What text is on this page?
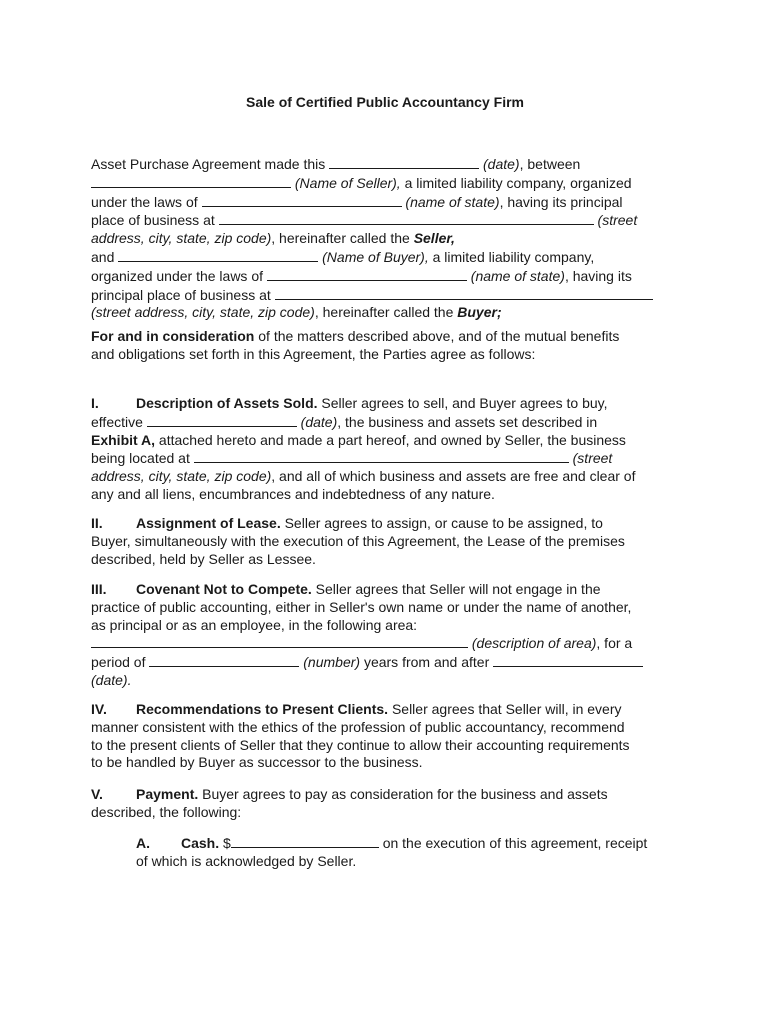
Sale of Certified Public Accountancy Firm
Asset Purchase Agreement made this	(date), between
(Name of Seller), a limited liability company, organized
under the laws of	(name of state), having its principal
place of business at	(street
address, city, state, zip code), hereinafter called the Seller,
and	(Name of Buyer), a limited liability company,
organized under the laws of	(name of state), having its
principal place of business at
(street address, city, state, zip code), hereinafter called the Buyer;
For and in consideration of the matters described above, and of the mutual benefits
and obligations set forth in this Agreement, the Parties agree as follows:
I.	Description of Assets Sold. Seller agrees to sell, and Buyer agrees to buy,
effective	(date), the business and assets set described in
Exhibit A, attached hereto and made a part hereof, and owned by Seller, the business
being located at	(street
address, city, state, zip code), and all of which business and assets are free and clear of
any and all liens, encumbrances and indebtedness of any nature.
II. Assignment of Lease. Seller agrees to assign, or cause to be assigned, to
Buyer, simultaneously with the execution of this Agreement, the Lease of the premises
described, held by Seller as Lessee.
III. Covenant Not to Compete. Seller agrees that Seller will not engage in the
practice of public accounting, either in Seller's own name or under the name of another,
as principal or as an employee, in the following area:
(description of area), for a
period of	(number) years from and after
(date).
IV. Recommendations to Present Clients. Seller agrees that Seller will, in every
manner consistent with the ethics of the profession of public accountancy, recommend
to the present clients of Seller that they continue to allow their accounting requirements
to be handled by Buyer as successor to the business.
V. Payment. Buyer agrees to pay as consideration for the business and assets
described, the following:
A. Cash. $	on the execution of this agreement, receipt
of which is acknowledged by Seller.
